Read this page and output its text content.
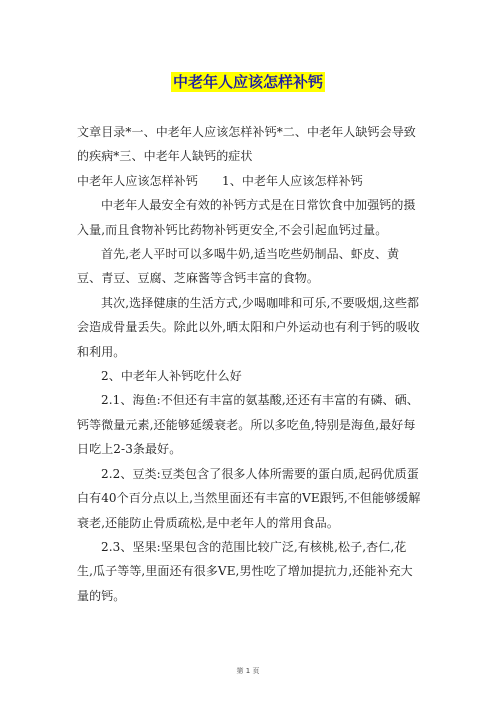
中老年人应该怎样补钙

文章目录*一、中老年人应该怎样补钙*二、中老年人缺钙会导致的疾病*三、中老年人缺钙的症状

中老年人应该怎样补钙 1、中老年人应该怎样补钙

中老年人最安全有效的补钙方式是在日常饮食中加强钙的摄入量,而且食物补钙比药物补钙更安全,不会引起血钙过量。

首先,老人平时可以多喝牛奶,适当吃些奶制品、虾皮、黄豆、青豆、豆腐、芝麻酱等含钙丰富的食物。

其次,选择健康的生活方式,少喝咖啡和可乐,不要吸烟,这些都会造成骨量丢失。除此以外,晒太阳和户外运动也有利于钙的吸收和利用。

2、中老年人补钙吃什么好

2.1、海鱼:不但还有丰富的氨基酸,还还有丰富的有磷、硒、钙等微量元素,还能够延缓衰老。所以多吃鱼,特别是海鱼,最好每日吃上2-3条最好。

2.2、豆类:豆类包含了很多人体所需要的蛋白质,起码优质蛋白有40个百分点以上,当然里面还有丰富的VE跟钙,不但能够缓解衰老,还能防止骨质疏松,是中老年人的常用食品。

2.3、坚果:坚果包含的范围比较广泛,有核桃,松子,杏仁,花生,瓜子等等,里面还有很多VE,男性吃了增加提抗力,还能补充大量的钙。

第 1 页
